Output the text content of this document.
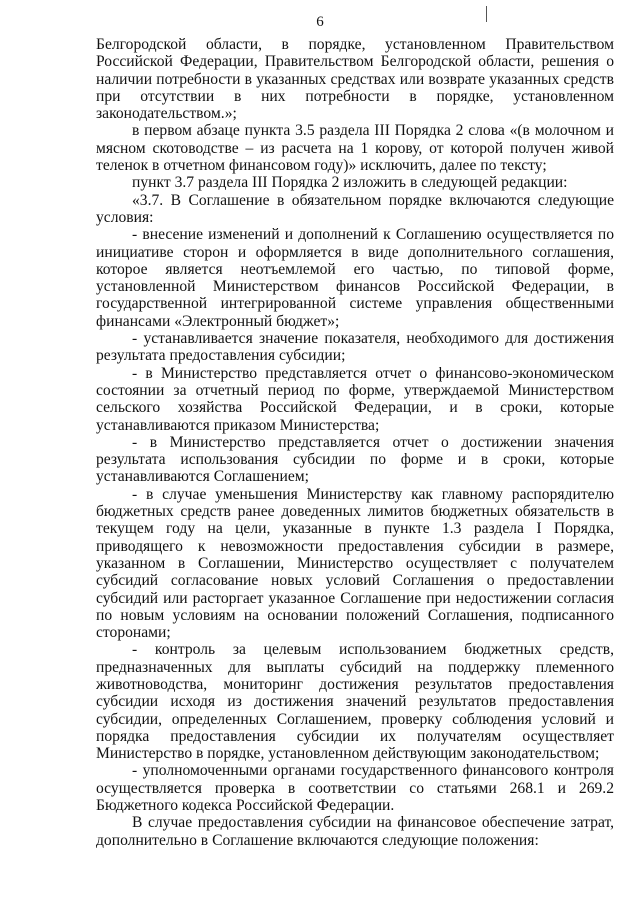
6

Белгородской области, в порядке, установленном Правительством Российской Федерации, Правительством Белгородской области, решения о наличии потребности в указанных средствах или возврате указанных средств при отсутствии в них потребности в порядке, установленном законодательством.»;

в первом абзаце пункта 3.5 раздела III Порядка 2 слова «(в молочном и мясном скотоводстве – из расчета на 1 корову, от которой получен живой теленок в отчетном финансовом году)» исключить, далее по тексту;

пункт 3.7 раздела III Порядка 2 изложить в следующей редакции:

«3.7. В Соглашение в обязательном порядке включаются следующие условия:

- внесение изменений и дополнений к Соглашению осуществляется по инициативе сторон и оформляется в виде дополнительного соглашения, которое является неотъемлемой его частью, по типовой форме, установленной Министерством финансов Российской Федерации, в государственной интегрированной системе управления общественными финансами «Электронный бюджет»;

- устанавливается значение показателя, необходимого для достижения результата предоставления субсидии;

- в Министерство представляется отчет о финансово-экономическом состоянии за отчетный период по форме, утверждаемой Министерством сельского хозяйства Российской Федерации, и в сроки, которые устанавливаются приказом Министерства;

- в Министерство представляется отчет о достижении значения результата использования субсидии по форме и в сроки, которые устанавливаются Соглашением;

- в случае уменьшения Министерству как главному распорядителю бюджетных средств ранее доведенных лимитов бюджетных обязательств в текущем году на цели, указанные в пункте 1.3 раздела I Порядка, приводящего к невозможности предоставления субсидии в размере, указанном в Соглашении, Министерство осуществляет с получателем субсидий согласование новых условий Соглашения о предоставлении субсидий или расторгает указанное Соглашение при недостижении согласия по новым условиям на основании положений Соглашения, подписанного сторонами;

- контроль за целевым использованием бюджетных средств, предназначенных для выплаты субсидий на поддержку племенного животноводства, мониторинг достижения результатов предоставления субсидии исходя из достижения значений результатов предоставления субсидии, определенных Соглашением, проверку соблюдения условий и порядка предоставления субсидии их получателям осуществляет Министерство в порядке, установленном действующим законодательством;

- уполномоченными органами государственного финансового контроля осуществляется проверка в соответствии со статьями 268.1 и 269.2 Бюджетного кодекса Российской Федерации.

В случае предоставления субсидии на финансовое обеспечение затрат, дополнительно в Соглашение включаются следующие положения:
